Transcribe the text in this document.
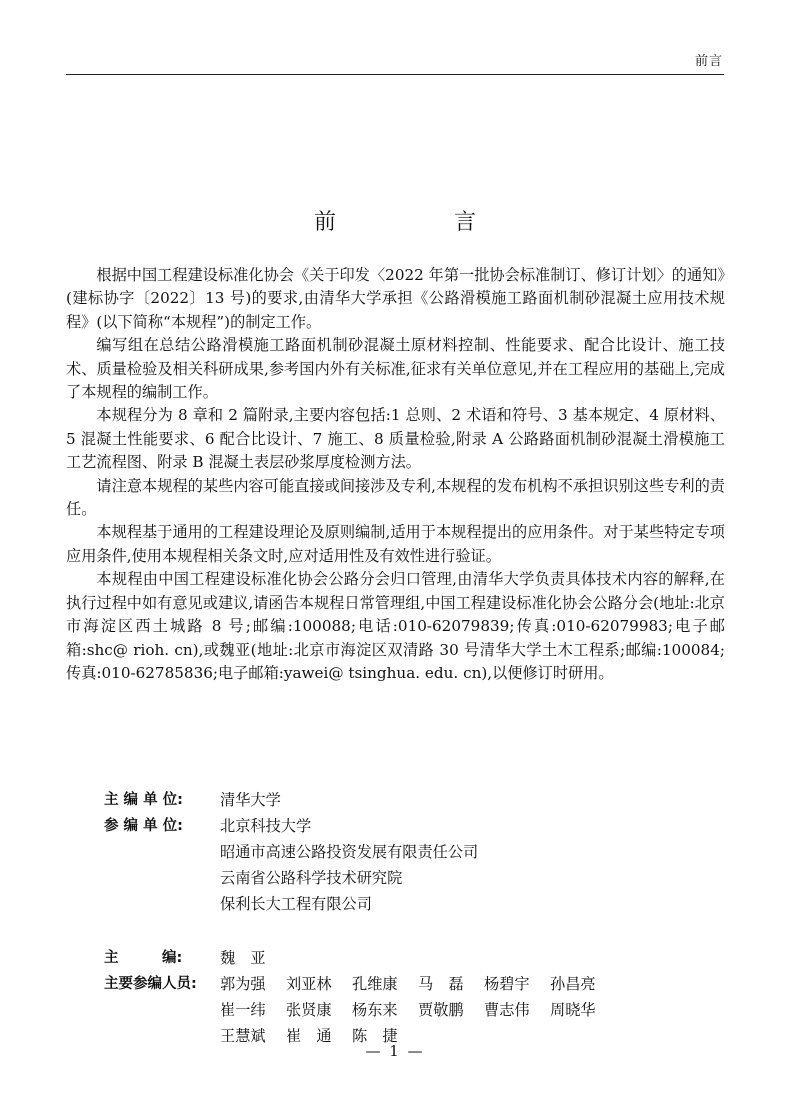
前言
前　言

根据中国工程建设标准化协会《关于印发〈2022 年第一批协会标准制订、修订计划〉的通知》(建标协字〔2022〕13 号)的要求,由清华大学承担《公路滑模施工路面机制砂混凝土应用技术规程》(以下简称“本规程”)的制定工作。

编写组在总结公路滑模施工路面机制砂混凝土原材料控制、性能要求、配合比设计、施工技术、质量检验及相关科研成果,参考国内外有关标准,征求有关单位意见,并在工程应用的基础上,完成了本规程的编制工作。

本规程分为 8 章和 2 篇附录,主要内容包括:1 总则、2 术语和符号、3 基本规定、4 原材料、5 混凝土性能要求、6 配合比设计、7 施工、8 质量检验,附录 A 公路路面机制砂混凝土滑模施工工艺流程图、附录 B 混凝土表层砂浆厚度检测方法。

请注意本规程的某些内容可能直接或间接涉及专利,本规程的发布机构不承担识别这些专利的责任。

本规程基于通用的工程建设理论及原则编制,适用于本规程提出的应用条件。对于某些特定专项应用条件,使用本规程相关条文时,应对适用性及有效性进行验证。

本规程由中国工程建设标准化协会公路分会归口管理,由清华大学负责具体技术内容的解释,在执行过程中如有意见或建议,请函告本规程日常管理组,中国工程建设标准化协会公路分会(地址:北京市海淀区西土城路 8 号;邮编:100088;电话:010-62079839;传真:010-62079983;电子邮箱:shc@ rioh. cn),或魏亚(地址:北京市海淀区双清路 30 号清华大学土木工程系;邮编:100084;传真:010-62785836;电子邮箱:yawei@ tsinghua. edu. cn),以便修订时研用。

主 编 单 位: 清华大学
参 编 单 位: 北京科技大学
昭通市高速公路投资发展有限责任公司
云南省公路科学技术研究院
保利长大工程有限公司
主　　　编: 魏　亚
主要参编人员: 郭为强	刘亚林	孔维康	马　磊	杨碧宇	孙昌亮
崔一纬	张贤康	杨东来	贾敬鹏	曹志伟	周晓华
王慧斌	崔　通	陈　捷
— 1 —
